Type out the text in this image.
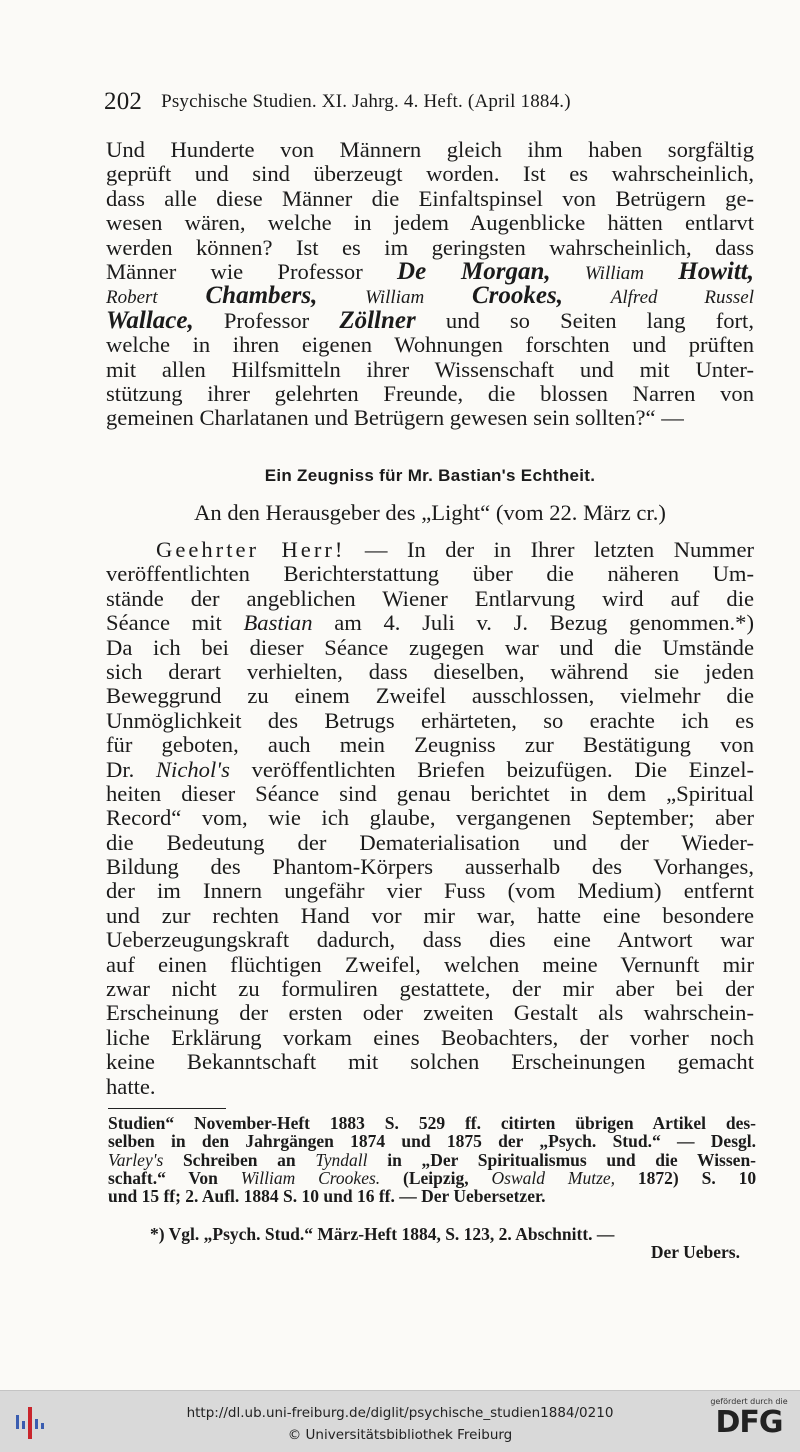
202 Psychische Studien. XI. Jahrg. 4. Heft. (April 1884.)
Und Hunderte von Männern gleich ihm haben sorgfältig
geprüft und sind überzeugt worden. Ist es wahrscheinlich,
dass alle diese Männer die Einfaltspinsel von Betrügern ge-
wesen wären, welche in jedem Augenblicke hätten entlarvt
werden können? Ist es im geringsten wahrscheinlich, dass
Männer wie Professor De Morgan, William Howitt,
Robert Chambers,	William Crookes,	Alfred Russel
Wallace, Professor Zöllner und so Seiten lang fort,
welche in ihren eigenen Wohnungen forschten und prüften
mit allen Hilfsmitteln ihrer Wissenschaft und mit Unter-
stützung ihrer gelehrten Freunde, die blossen Narren von
gemeinen Charlatanen und Betrügern gewesen sein sollten?“ —
Ein Zeugniss für Mr. Bastian's Echtheit.
An den Herausgeber des „Light“ (vom 22. März cr.)
Geehrter Herr! — In der in Ihrer letzten Nummer
veröffentlichten Berichterstattung über die näheren Um-
stände der angeblichen Wiener Entlarvung wird auf die
Séance mit Bastian am 4. Juli v. J. Bezug genommen.*)
Da ich bei dieser Séance zugegen war und die Umstände
sich derart verhielten, dass dieselben, während sie jeden
Beweggrund zu einem Zweifel ausschlossen, vielmehr die
Unmöglichkeit des Betrugs erhärteten, so erachte ich es
für geboten, auch mein Zeugniss zur Bestätigung von
Dr. Nichol's veröffentlichten Briefen beizufügen. Die Einzel-
heiten dieser Séance sind genau berichtet in dem „Spiritual
Record“ vom, wie ich glaube, vergangenen September; aber
die Bedeutung der Dematerialisation und der Wieder-
Bildung des Phantom-Körpers ausserhalb des Vorhanges,
der im Innern ungefähr vier Fuss (vom Medium) entfernt
und zur rechten Hand vor mir war, hatte eine besondere
Ueberzeugungskraft dadurch, dass dies eine Antwort war
auf einen flüchtigen Zweifel, welchen meine Vernunft mir
zwar nicht zu formuliren gestattete, der mir aber bei der
Erscheinung der ersten oder zweiten Gestalt als wahrschein-
liche Erklärung vorkam eines Beobachters, der vorher noch
keine Bekanntschaft mit solchen Erscheinungen gemacht
hatte.
Studien“ November-Heft 1883 S. 529 ff. citirten übrigen Artikel des-
selben in den Jahrgängen 1874 und 1875 der „Psych. Stud.“ — Desgl.
Varley's Schreiben an Tyndall in „Der Spiritualismus und die Wissen-
schaft.“ Von William Crookes. (Leipzig, Oswald Mutze, 1872) S. 10
und 15 ff; 2. Aufl. 1884 S. 10 und 16 ff. — Der Uebersetzer.
*) Vgl. „Psych. Stud.“ März-Heft 1884, S. 123, 2. Abschnitt. —
Der Uebers.
http://dl.ub.uni-freiburg.de/diglit/psychische_studien1884/0210
© Universitätsbibliothek Freiburg
gefördert durch die
DFG
